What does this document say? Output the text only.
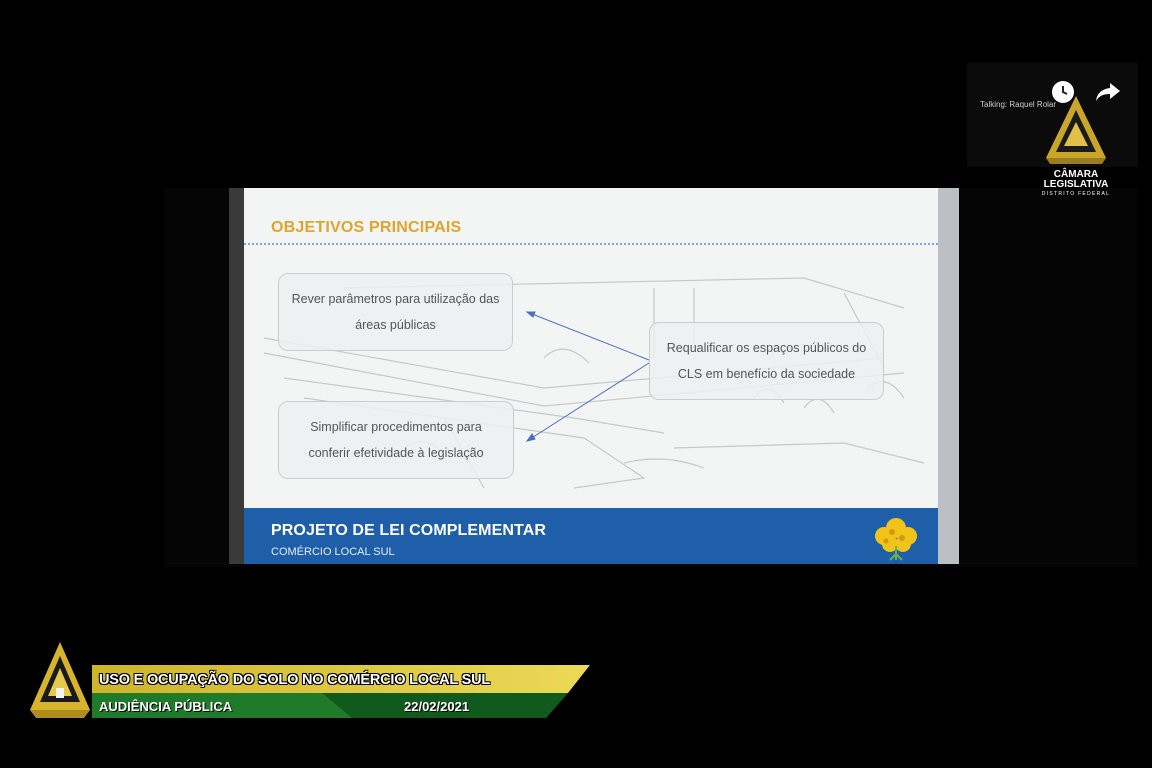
OBJETIVOS PRINCIPAIS
Rever parâmetros para utilização das
áreas públicas
Simplificar procedimentos para
conferir efetividade à legislação
Requalificar os espaços públicos do
CLS em benefício da sociedade
PROJETO DE LEI COMPLEMENTAR
COMÉRCIO LOCAL SUL
Talking: Raquel Rolar
CÂMARA
LEGISLATIVA
DISTRITO FEDERAL
USO E OCUPAÇÃO DO SOLO NO COMÉRCIO LOCAL SUL
AUDIÊNCIA PÚBLICA	22/02/2021
